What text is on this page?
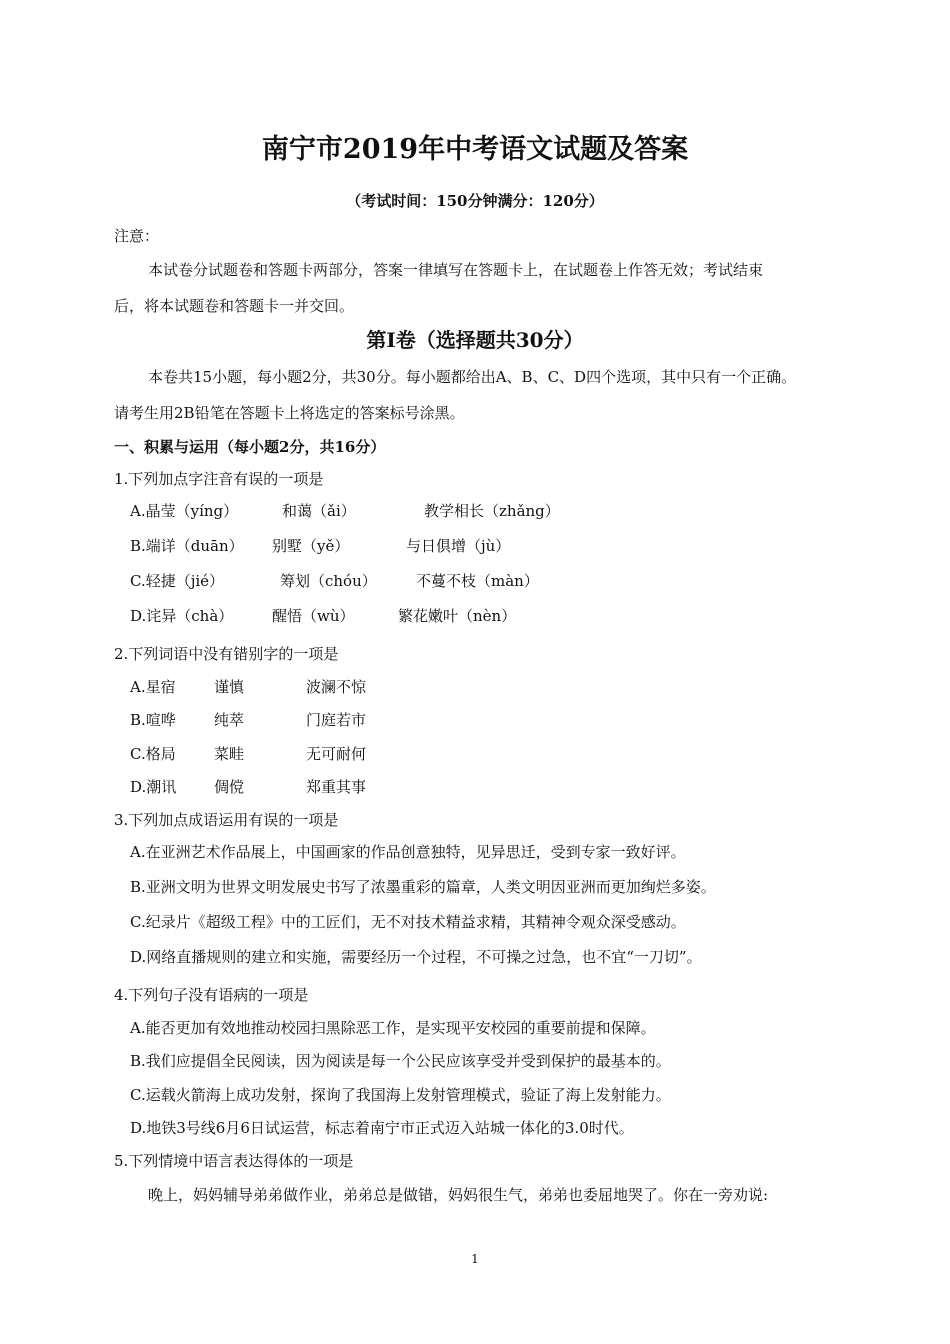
南宁市2019年中考语文试题及答案
（考试时间：150分钟满分：120分）
注意：
本试卷分试题卷和答题卡两部分，答案一律填写在答题卡上，在试题卷上作答无效；考试结束
后，将本试题卷和答题卡一并交回。
第Ⅰ卷（选择题共30分）
本卷共15小题，每小题2分，共30分。每小题都给出A、B、C、D四个选项，其中只有一个正确。
请考生用2B铅笔在答题卡上将选定的答案标号涂黑。
一、积累与运用（每小题2分，共16分）
1.下列加点字注音有误的一项是
A.晶莹（yíng）	和蔼（ǎi）	教学相长（zhǎng）
B.端详（duān） 别墅（yě）	与日俱增（jù）
C.轻捷（jié）	筹划（chóu）	不蔓不枝（màn）
D.诧异（chà）	醒悟（wù）	繁花嫩叶（nèn）
2.下列词语中没有错别字的一项是
A.星宿	谨慎	波澜不惊
B.喧哗	纯萃	门庭若市
C.格局	菜畦	无可耐何
D.潮讯	倜傥	郑重其事
3.下列加点成语运用有误的一项是
A.在亚洲艺术作品展上，中国画家的作品创意独特，见异思迁，受到专家一致好评。
B.亚洲文明为世界文明发展史书写了浓墨重彩的篇章，人类文明因亚洲而更加绚烂多姿。
C.纪录片《超级工程》中的工匠们，无不对技术精益求精，其精神令观众深受感动。
D.网络直播规则的建立和实施，需要经历一个过程，不可操之过急，也不宜“一刀切”。
4.下列句子没有语病的一项是
A.能否更加有效地推动校园扫黑除恶工作，是实现平安校园的重要前提和保障。
B.我们应提倡全民阅读，因为阅读是每一个公民应该享受并受到保护的最基本的。
C.运载火箭海上成功发射，探询了我国海上发射管理模式，验证了海上发射能力。
D.地铁3号线6月6日试运营，标志着南宁市正式迈入站城一体化的3.0时代。
5.下列情境中语言表达得体的一项是
晚上，妈妈辅导弟弟做作业，弟弟总是做错，妈妈很生气，弟弟也委屈地哭了。你在一旁劝说:
1
